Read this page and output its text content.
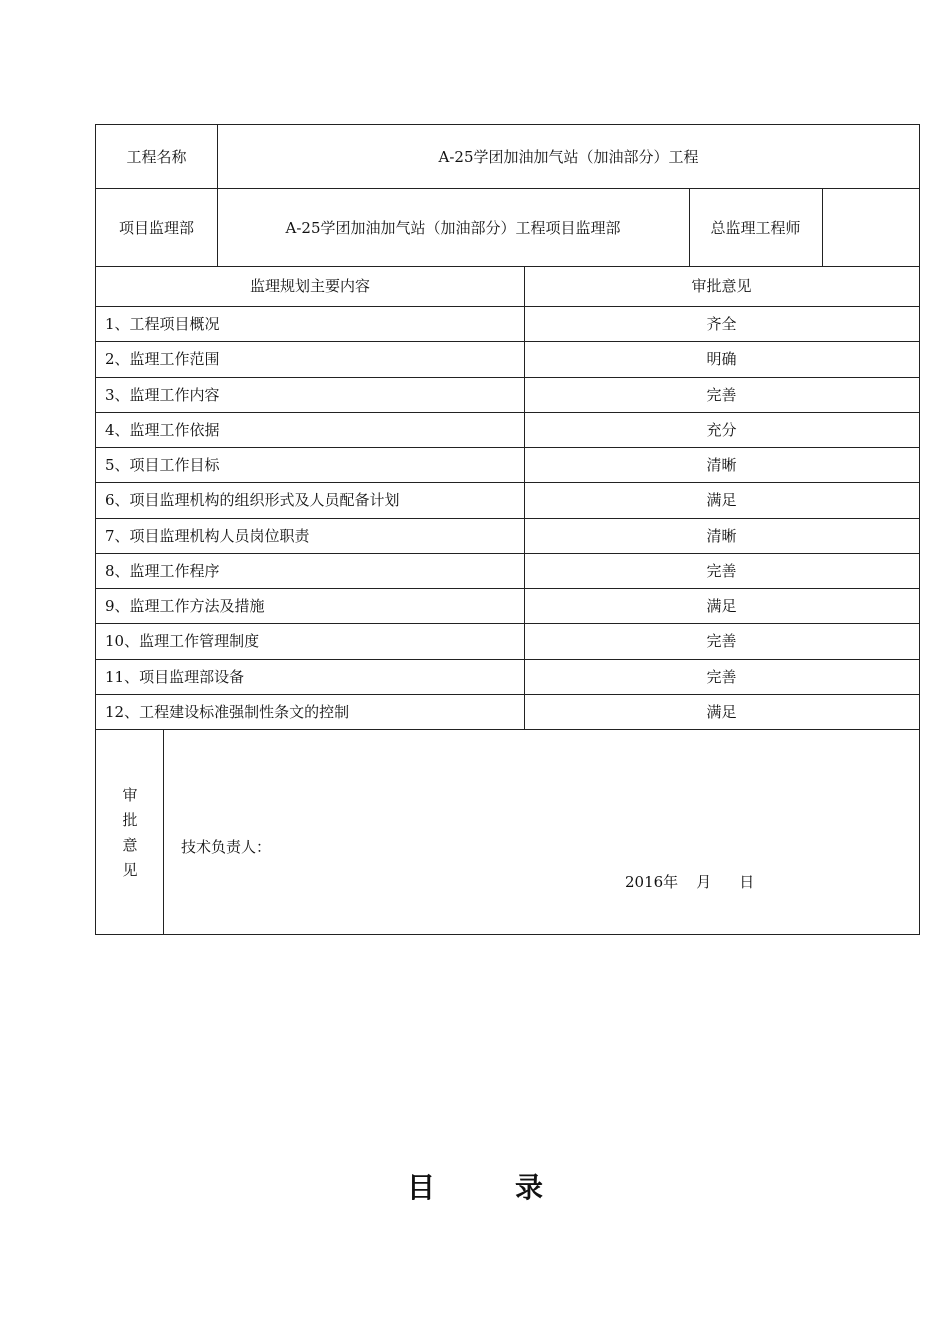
工程名称	A-25学团加油加气站（加油部分）工程
项目监理部	A-25学团加油加气站（加油部分）工程项目监理部	总监理工程师
监理规划主要内容	审批意见
1、工程项目概况	齐全
2、监理工作范围	明确
3、监理工作内容	完善
4、监理工作依据	充分
5、项目工作目标	清晰
6、项目监理机构的组织形式及人员配备计划	满足
7、项目监理机构人员岗位职责	清晰
8、监理工作程序	完善
9、监理工作方法及措施	满足
10、监理工作管理制度	完善
11、项目监理部设备	完善
12、工程建设标准强制性条文的控制	满足
审
批
意
见
技术负责人：
2016年 月 日
目 录
